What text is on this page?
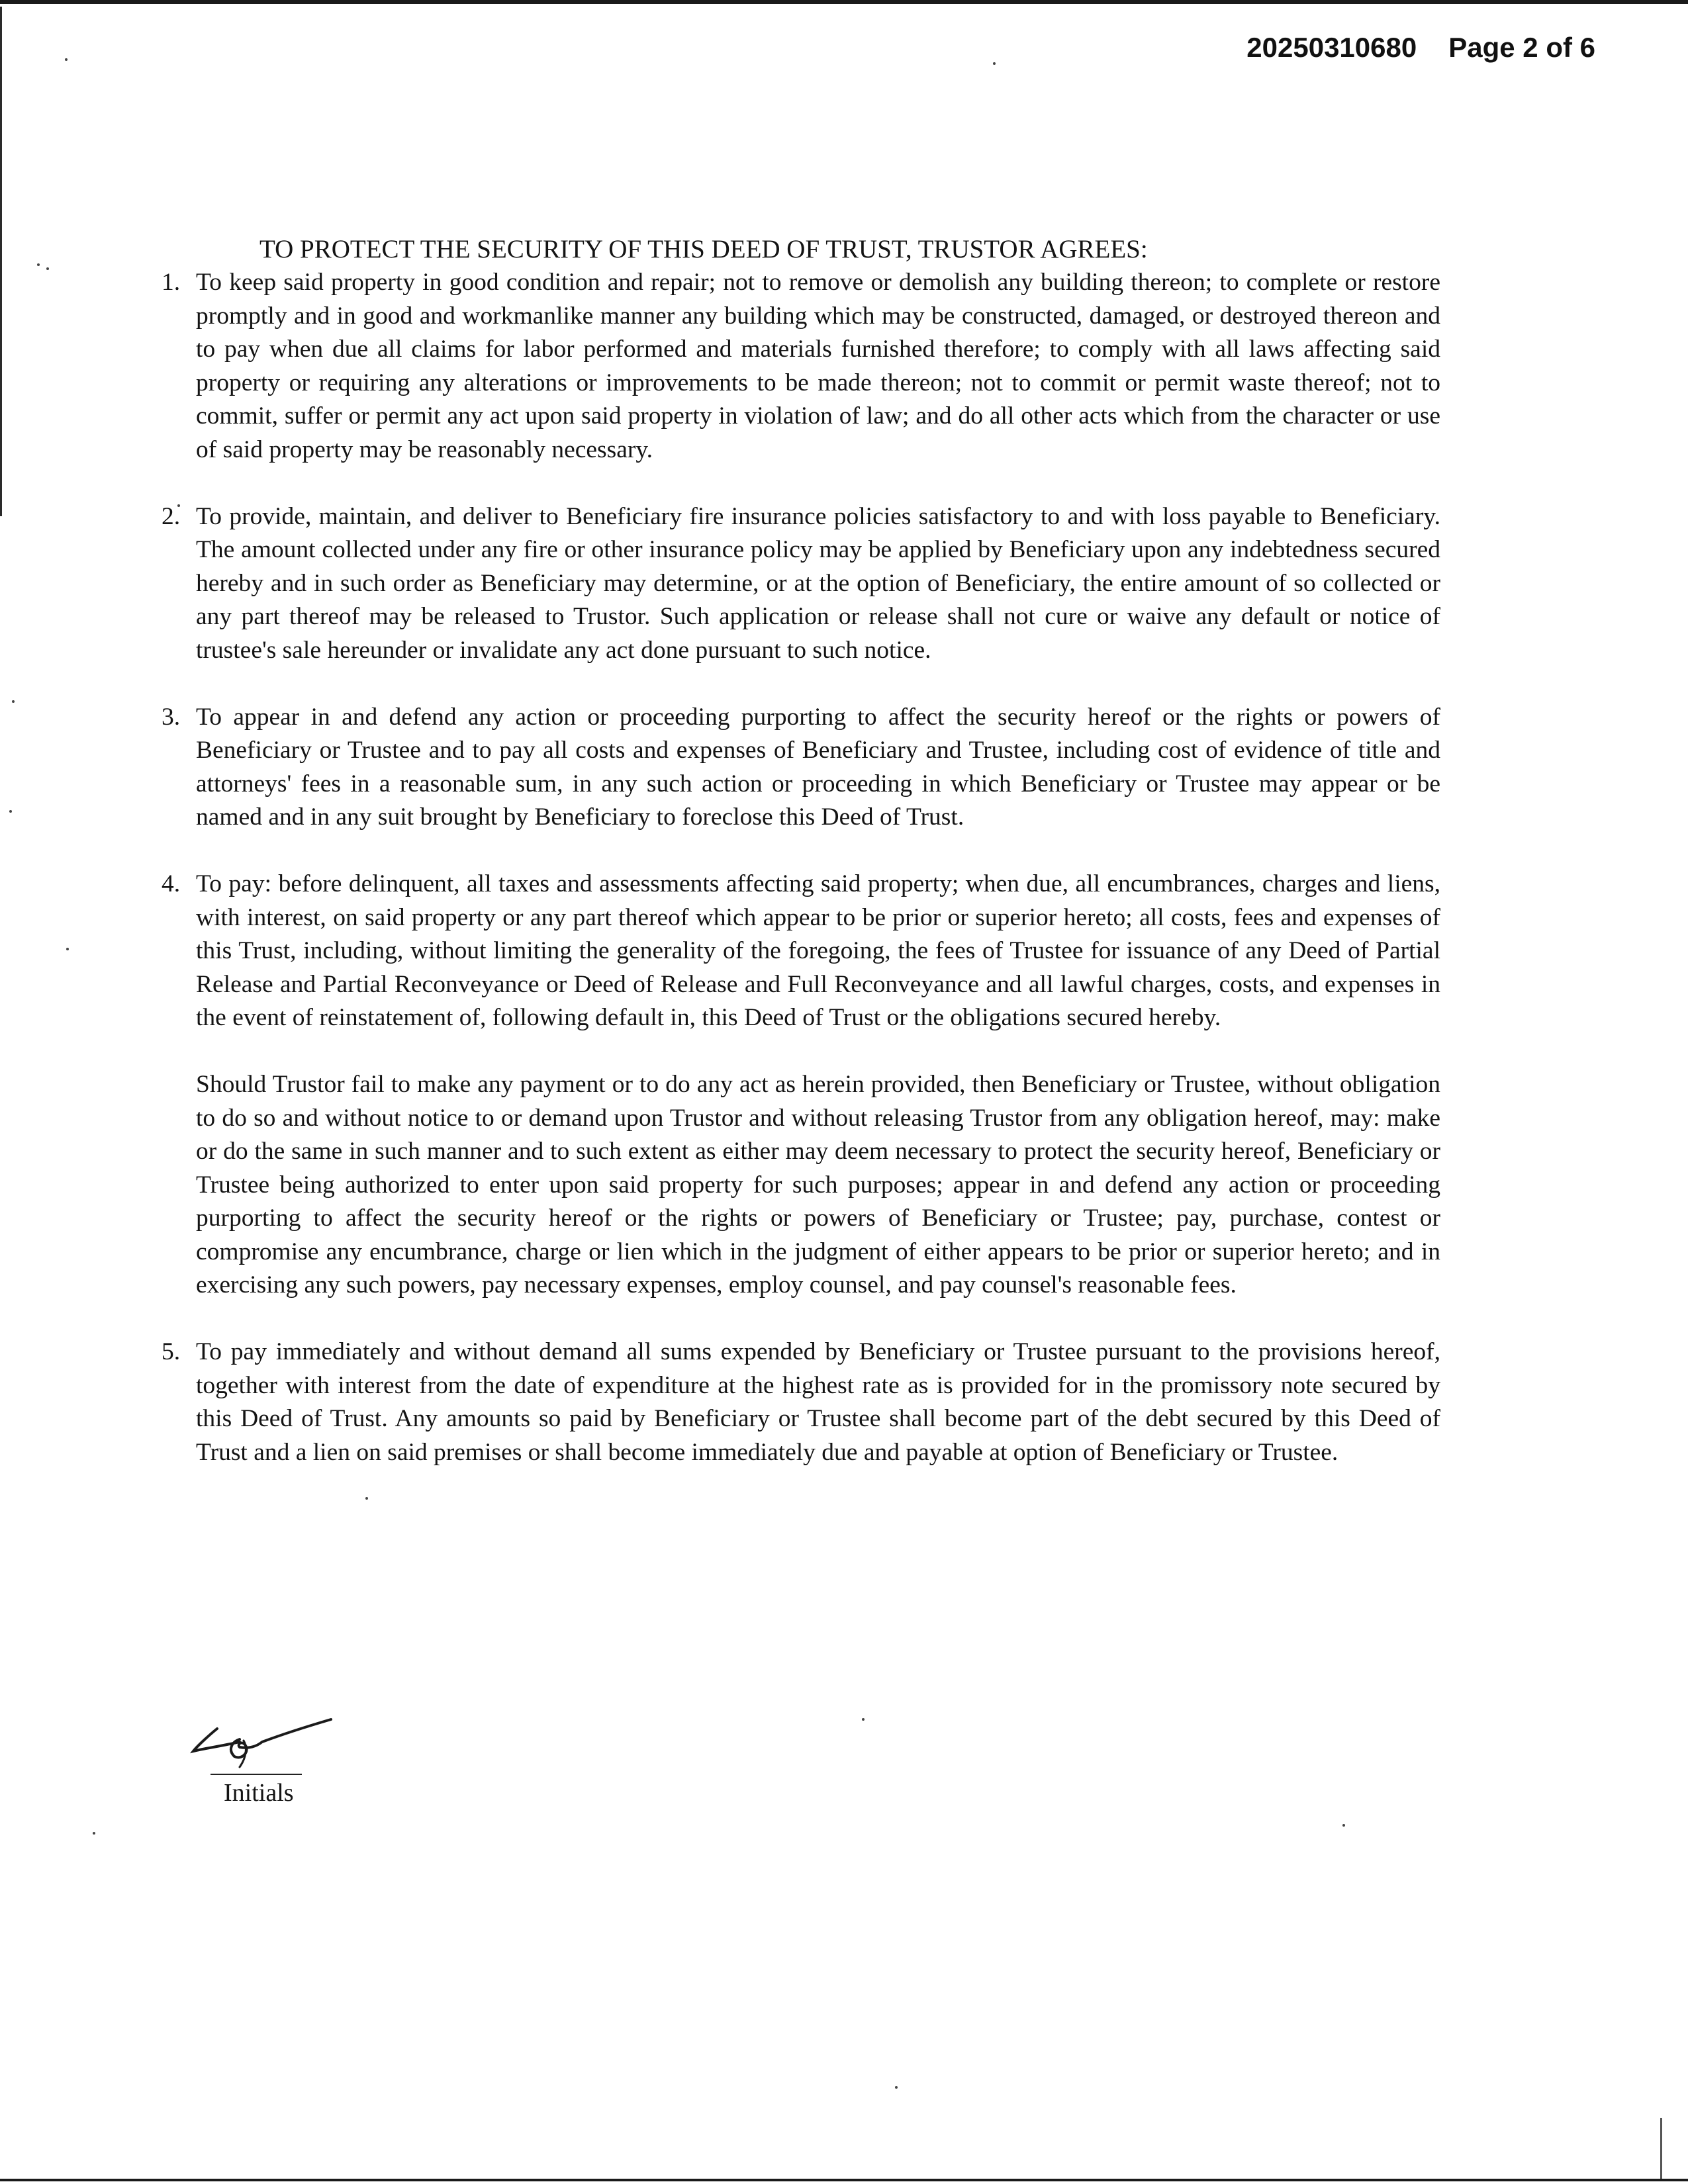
20250310680 Page 2 of 6
TO PROTECT THE SECURITY OF THIS DEED OF TRUST, TRUSTOR AGREES:
1. To keep said property in good condition and repair; not to remove or demolish any building thereon; to complete or restore promptly and in good and workmanlike manner any building which may be constructed, damaged, or destroyed thereon and to pay when due all claims for labor performed and materials furnished therefore; to comply with all laws affecting said property or requiring any alterations or improvements to be made thereon; not to commit or permit waste thereof; not to commit, suffer or permit any act upon said property in violation of law; and do all other acts which from the character or use of said property may be reasonably necessary.

2. To provide, maintain, and deliver to Beneficiary fire insurance policies satisfactory to and with loss payable to Beneficiary. The amount collected under any fire or other insurance policy may be applied by Beneficiary upon any indebtedness secured hereby and in such order as Beneficiary may determine, or at the option of Beneficiary, the entire amount of so collected or any part thereof may be released to Trustor. Such application or release shall not cure or waive any default or notice of trustee's sale hereunder or invalidate any act done pursuant to such notice.

3. To appear in and defend any action or proceeding purporting to affect the security hereof or the rights or powers of Beneficiary or Trustee and to pay all costs and expenses of Beneficiary and Trustee, including cost of evidence of title and attorneys' fees in a reasonable sum, in any such action or proceeding in which Beneficiary or Trustee may appear or be named and in any suit brought by Beneficiary to foreclose this Deed of Trust.

4. To pay: before delinquent, all taxes and assessments affecting said property; when due, all encumbrances, charges and liens, with interest, on said property or any part thereof which appear to be prior or superior hereto; all costs, fees and expenses of this Trust, including, without limiting the generality of the foregoing, the fees of Trustee for issuance of any Deed of Partial Release and Partial Reconveyance or Deed of Release and Full Reconveyance and all lawful charges, costs, and expenses in the event of reinstatement of, following default in, this Deed of Trust or the obligations secured hereby.

Should Trustor fail to make any payment or to do any act as herein provided, then Beneficiary or Trustee, without obligation to do so and without notice to or demand upon Trustor and without releasing Trustor from any obligation hereof, may: make or do the same in such manner and to such extent as either may deem necessary to protect the security hereof, Beneficiary or Trustee being authorized to enter upon said property for such purposes; appear in and defend any action or proceeding purporting to affect the security hereof or the rights or powers of Beneficiary or Trustee; pay, purchase, contest or compromise any encumbrance, charge or lien which in the judgment of either appears to be prior or superior hereto; and in exercising any such powers, pay necessary expenses, employ counsel, and pay counsel's reasonable fees.

5. To pay immediately and without demand all sums expended by Beneficiary or Trustee pursuant to the provisions hereof, together with interest from the date of expenditure at the highest rate as is provided for in the promissory note secured by this Deed of Trust. Any amounts so paid by Beneficiary or Trustee shall become part of the debt secured by this Deed of Trust and a lien on said premises or shall become immediately due and payable at option of Beneficiary or Trustee.

Initials
